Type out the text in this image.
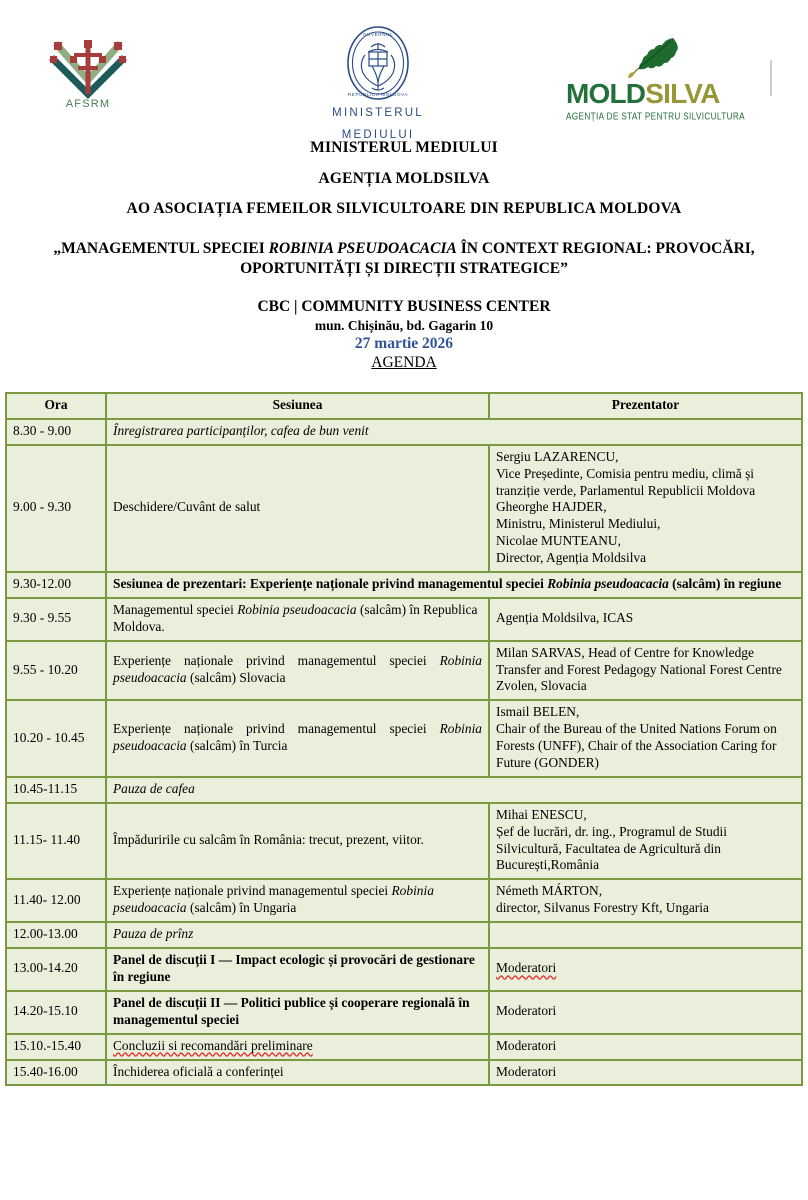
AFSRM
GUVERNUL
REPUBLICII MOLDOVA
MINISTERUL
MEDIULUI
MOLDSILVA
AGENȚIA DE STAT PENTRU SILVICULTURA
MINISTERUL MEDIULUI
AGENȚIA MOLDSILVA
AO ASOCIAȚIA FEMEILOR SILVICULTOARE DIN REPUBLICA MOLDOVA
„MANAGEMENTUL SPECIEI ROBINIA PSEUDOACACIA ÎN CONTEXT REGIONAL: PROVOCĂRI, OPORTUNITĂȚI ȘI DIRECȚII STRATEGICE”
CBC | COMMUNITY BUSINESS CENTER
mun. Chișinău, bd. Gagarin 10
27 martie 2026
AGENDA
Ora	Sesiunea	Prezentator
8.30 - 9.00	Înregistrarea participanților, cafea de bun venit	
9.00 - 9.30	Deschidere/Cuvânt de salut	Sergiu LAZARENCU,
Vice Președinte, Comisia pentru mediu, climă și tranziție verde, Parlamentul Republicii Moldova
Gheorghe HAJDER,
Ministru, Ministerul Mediului,
Nicolae MUNTEANU,
Director, Agenția Moldsilva
9.30-12.00	Sesiunea de prezentari: Experiențe naționale privind managementul speciei Robinia pseudoacacia (salcâm) în regiune	
9.30 - 9.55	Managementul speciei Robinia pseudoacacia (salcâm) în Republica Moldova.	Agenția Moldsilva, ICAS
9.55 - 10.20	Experiențe naționale privind managementul speciei Robinia pseudoacacia (salcâm) Slovacia	Milan SARVAS, Head of Centre for Knowledge Transfer and Forest Pedagogy National Forest Centre Zvolen, Slovacia
10.20 - 10.45	Experiențe naționale privind managementul speciei Robinia pseudoacacia (salcâm) în Turcia	Ismail BELEN,
Chair of the Bureau of the United Nations Forum on Forests (UNFF), Chair of the Association Caring for Future (GONDER)
10.45-11.15	Pauza de cafea	
11.15- 11.40	Împăduririle cu salcâm în România: trecut, prezent, viitor.	Mihai ENESCU,
Șef de lucrări, dr. ing., Programul de Studii Silvicultură, Facultatea de Agricultură din București,România
11.40- 12.00	Experiențe naționale privind managementul speciei Robinia pseudoacacia (salcâm) în Ungaria	Németh MÁRTON,
director, Silvanus Forestry Kft, Ungaria
12.00-13.00	Pauza de prînz	
13.00-14.20	Panel de discuții I — Impact ecologic și provocări de gestionare în regiune	Moderatori
14.20-15.10	Panel de discuții II — Politici publice și cooperare regională în managementul speciei	Moderatori
15.10.-15.40	Concluzii si recomandări preliminare	Moderatori
15.40-16.00	Închiderea oficială a conferinței	Moderatori
